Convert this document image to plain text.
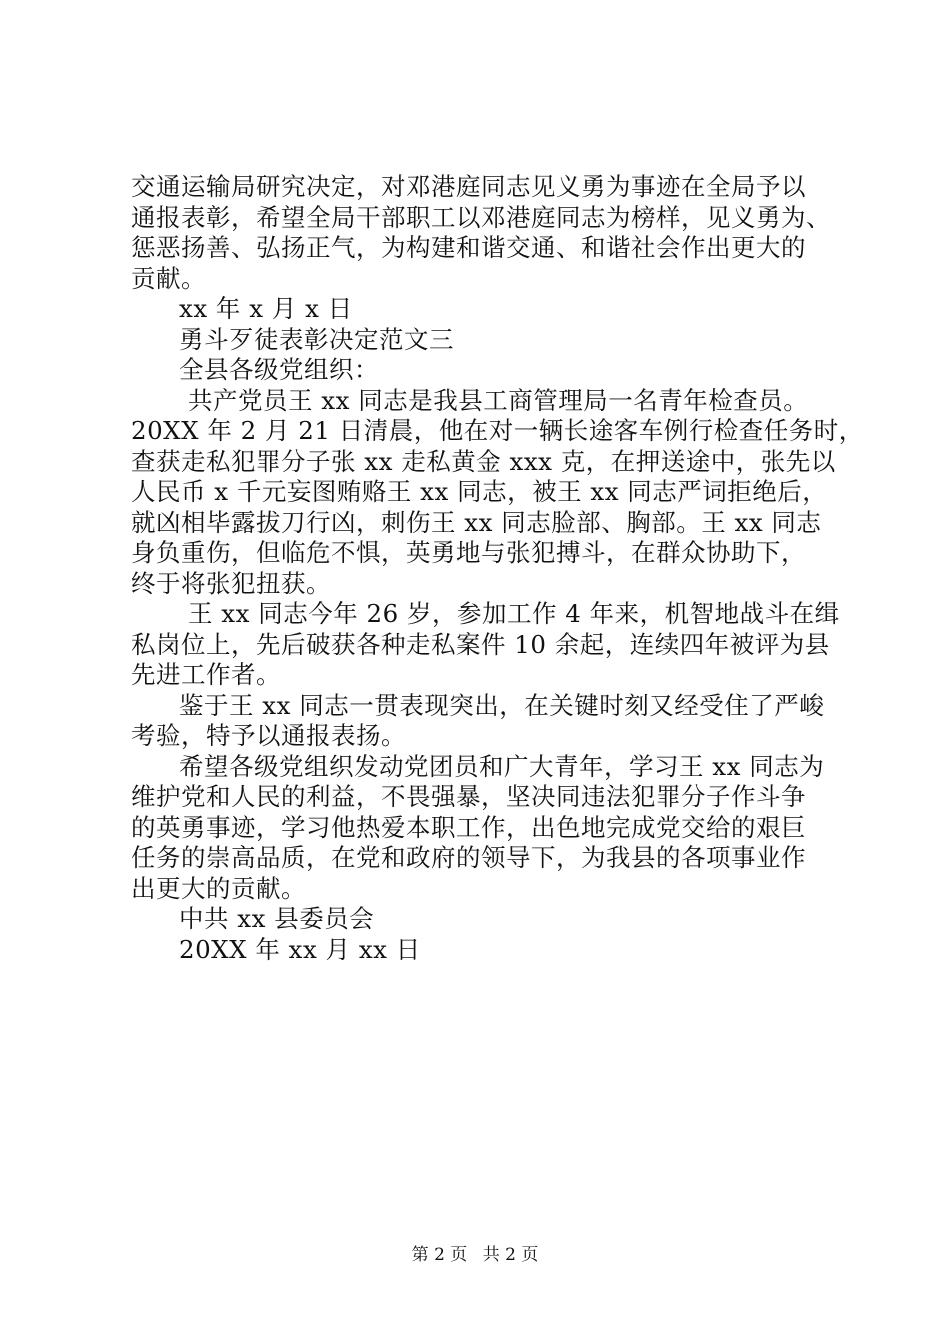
交通运输局研究决定，对邓港庭同志见义勇为事迹在全局予以
通报表彰，希望全局干部职工以邓港庭同志为榜样，见义勇为、
惩恶扬善、弘扬正气，为构建和谐交通、和谐社会作出更大的
贡献。
xx 年 x 月 x 日
勇斗歹徒表彰决定范文三
全县各级党组织：
共产党员王 xx 同志是我县工商管理局一名青年检查员。
20XX 年 2 月 21 日清晨，他在对一辆长途客车例行检查任务时，
查获走私犯罪分子张 xx 走私黄金 xxx 克，在押送途中，张先以
人民币 x 千元妄图贿赂王 xx 同志，被王 xx 同志严词拒绝后，
就凶相毕露拔刀行凶，刺伤王 xx 同志脸部、胸部。王 xx 同志
身负重伤，但临危不惧，英勇地与张犯搏斗，在群众协助下，
终于将张犯扭获。
王 xx 同志今年 26 岁，参加工作 4 年来，机智地战斗在缉
私岗位上，先后破获各种走私案件 10 余起，连续四年被评为县
先进工作者。
鉴于王 xx 同志一贯表现突出，在关键时刻又经受住了严峻
考验，特予以通报表扬。
希望各级党组织发动党团员和广大青年，学习王 xx 同志为
维护党和人民的利益，不畏强暴，坚决同违法犯罪分子作斗争
的英勇事迹，学习他热爱本职工作，出色地完成党交给的艰巨
任务的崇高品质，在党和政府的领导下，为我县的各项事业作
出更大的贡献。
中共 xx 县委员会
20XX 年 xx 月 xx 日
第 2 页 共 2 页
